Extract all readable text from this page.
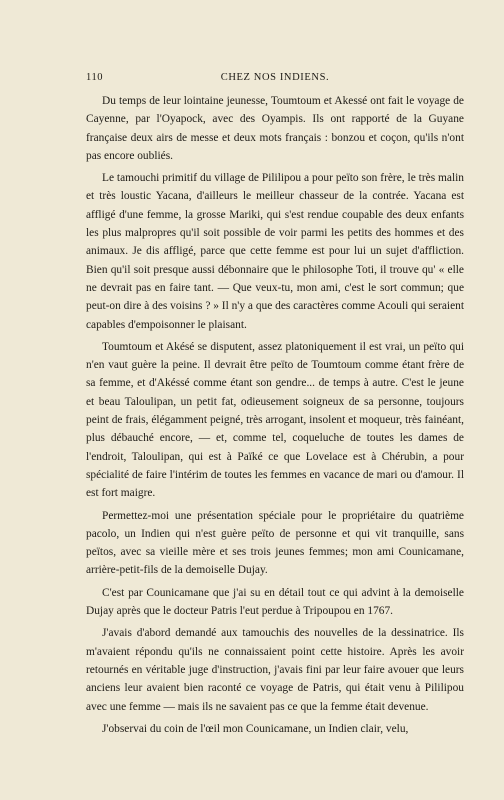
110	CHEZ NOS INDIENS.

Du temps de leur lointaine jeunesse, Toumtoum et Akessé ont fait le voyage de Cayenne, par l'Oyapock, avec des Oyampis. Ils ont rapporté de la Guyane française deux airs de messe et deux mots français : bonzou et coçon, qu'ils n'ont pas encore oubliés.

Le tamouchi primitif du village de Pililipou a pour peïto son frère, le très malin et très loustic Yacana, d'ailleurs le meilleur chasseur de la contrée. Yacana est affligé d'une femme, la grosse Mariki, qui s'est rendue coupable des deux enfants les plus malpropres qu'il soit possible de voir parmi les petits des hommes et des animaux. Je dis affligé, parce que cette femme est pour lui un sujet d'affliction. Bien qu'il soit presque aussi débonnaire que le philosophe Toti, il trouve qu' « elle ne devrait pas en faire tant. — Que veux-tu, mon ami, c'est le sort commun; que peut-on dire à des voisins ? » Il n'y a que des caractères comme Acouli qui seraient capables d'empoisonner le plaisant.

Toumtoum et Akésé se disputent, assez platoniquement il est vrai, un peïto qui n'en vaut guère la peine. Il devrait être peïto de Toumtoum comme étant frère de sa femme, et d'Akéssé comme étant son gendre... de temps à autre. C'est le jeune et beau Taloulipan, un petit fat, odieusement soigneux de sa personne, toujours peint de frais, élégamment peigné, très arrogant, insolent et moqueur, très fainéant, plus débauché encore, — et, comme tel, coqueluche de toutes les dames de l'endroit, Taloulipan, qui est à Païké ce que Lovelace est à Chérubin, a pour spécialité de faire l'intérim de toutes les femmes en vacance de mari ou d'amour. Il est fort maigre.

Permettez-moi une présentation spéciale pour le propriétaire du quatrième pacolo, un Indien qui n'est guère peïto de personne et qui vit tranquille, sans peïtos, avec sa vieille mère et ses trois jeunes femmes; mon ami Counicamane, arrière-petit-fils de la demoiselle Dujay.

C'est par Counicamane que j'ai su en détail tout ce qui advint à la demoiselle Dujay après que le docteur Patris l'eut perdue à Tripoupou en 1767.

J'avais d'abord demandé aux tamouchis des nouvelles de la dessinatrice. Ils m'avaient répondu qu'ils ne connaissaient point cette histoire. Après les avoir retournés en véritable juge d'instruction, j'avais fini par leur faire avouer que leurs anciens leur avaient bien raconté ce voyage de Patris, qui était venu à Pililipou avec une femme — mais ils ne savaient pas ce que la femme était devenue.

J'observai du coin de l'œil mon Counicamane, un Indien clair, velu,
